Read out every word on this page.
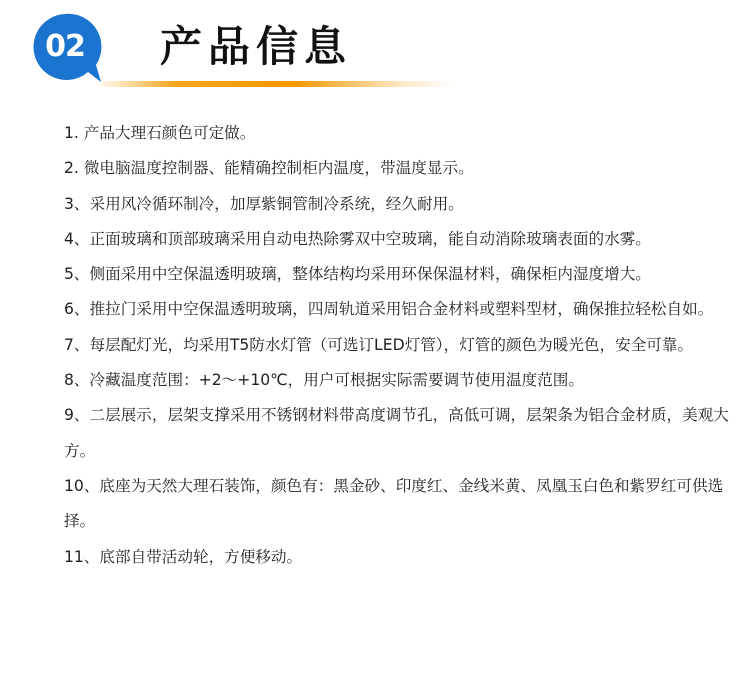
02	产品信息

1. 产品大理石颜色可定做。

2. 微电脑温度控制器、能精确控制柜内温度，带温度显示。

3、采用风冷循环制冷，加厚紫铜管制冷系统，经久耐用。

4、正面玻璃和顶部玻璃采用自动电热除雾双中空玻璃，能自动消除玻璃表面的水雾。

5、侧面采用中空保温透明玻璃，整体结构均采用环保保温材料，确保柜内湿度增大。

6、推拉门采用中空保温透明玻璃，四周轨道采用铝合金材料或塑料型材，确保推拉轻松自如。

7、每层配灯光，均采用T5防水灯管（可选订LED灯管），灯管的颜色为暖光色，安全可靠。

8、冷藏温度范围：+2～+10℃，用户可根据实际需要调节使用温度范围。

9、二层展示，层架支撑采用不锈钢材料带高度调节孔，高低可调，层架条为铝合金材质，美观大方。

10、底座为天然大理石装饰，颜色有：黑金砂、印度红、金线米黄、凤凰玉白色和紫罗红可供选择。

11、底部自带活动轮，方便移动。
